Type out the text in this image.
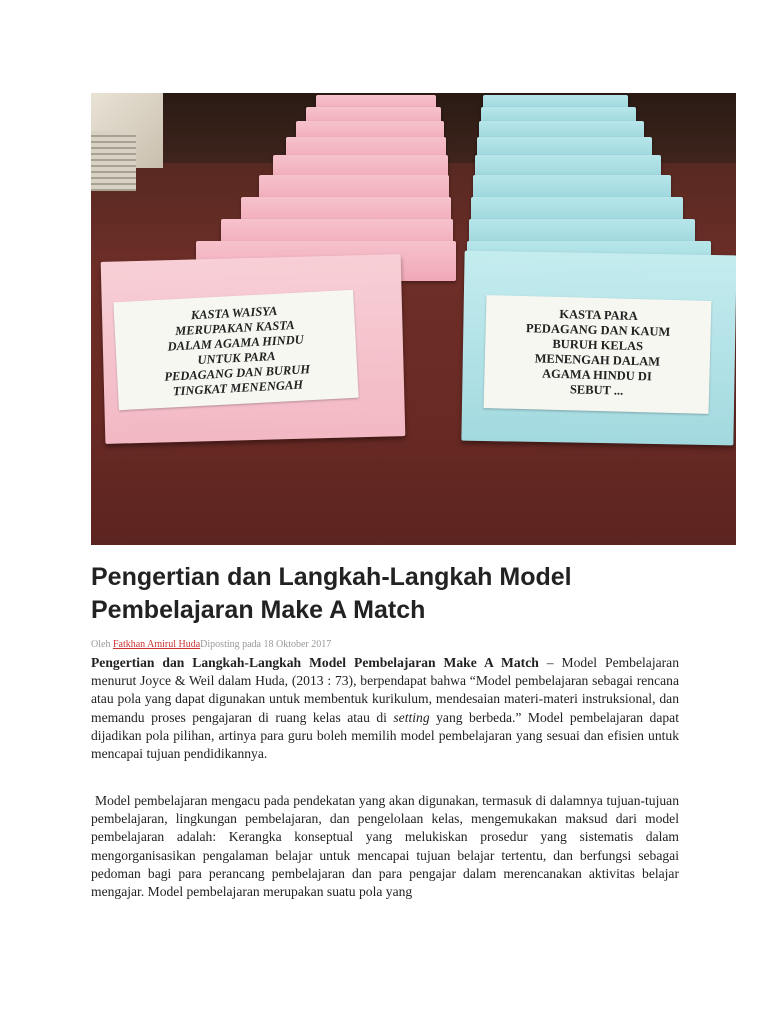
KASTA WAISYA
MERUPAKAN KASTA
DALAM AGAMA HINDU
UNTUK PARA
PEDAGANG DAN BURUH
TINGKAT MENENGAH
KASTA PARA
PEDAGANG DAN KAUM
BURUH KELAS
MENENGAH DALAM
AGAMA HINDU DI
SEBUT ...
Pengertian dan Langkah-Langkah Model Pembelajaran Make A Match
Oleh Fatkhan Amirul HudaDiposting pada 18 Oktober 2017

Pengertian dan Langkah-Langkah Model Pembelajaran Make A Match – Model Pembelajaran menurut Joyce & Weil dalam Huda, (2013 : 73), berpendapat bahwa “Model pembelajaran sebagai rencana atau pola yang dapat digunakan untuk membentuk kurikulum, mendesaian materi-materi instruksional, dan memandu proses pengajaran di ruang kelas atau di setting yang berbeda.” Model pembelajaran dapat dijadikan pola pilihan, artinya para guru boleh memilih model pembelajaran yang sesuai dan efisien untuk mencapai tujuan pendidikannya.

Model pembelajaran mengacu pada pendekatan yang akan digunakan, termasuk di dalamnya tujuan-tujuan pembelajaran, lingkungan pembelajaran, dan pengelolaan kelas, mengemukakan maksud dari model pembelajaran adalah: Kerangka konseptual yang melukiskan prosedur yang sistematis dalam mengorganisasikan pengalaman belajar untuk mencapai tujuan belajar tertentu, dan berfungsi sebagai pedoman bagi para perancang pembelajaran dan para pengajar dalam merencanakan aktivitas belajar mengajar. Model pembelajaran merupakan suatu pola yang
